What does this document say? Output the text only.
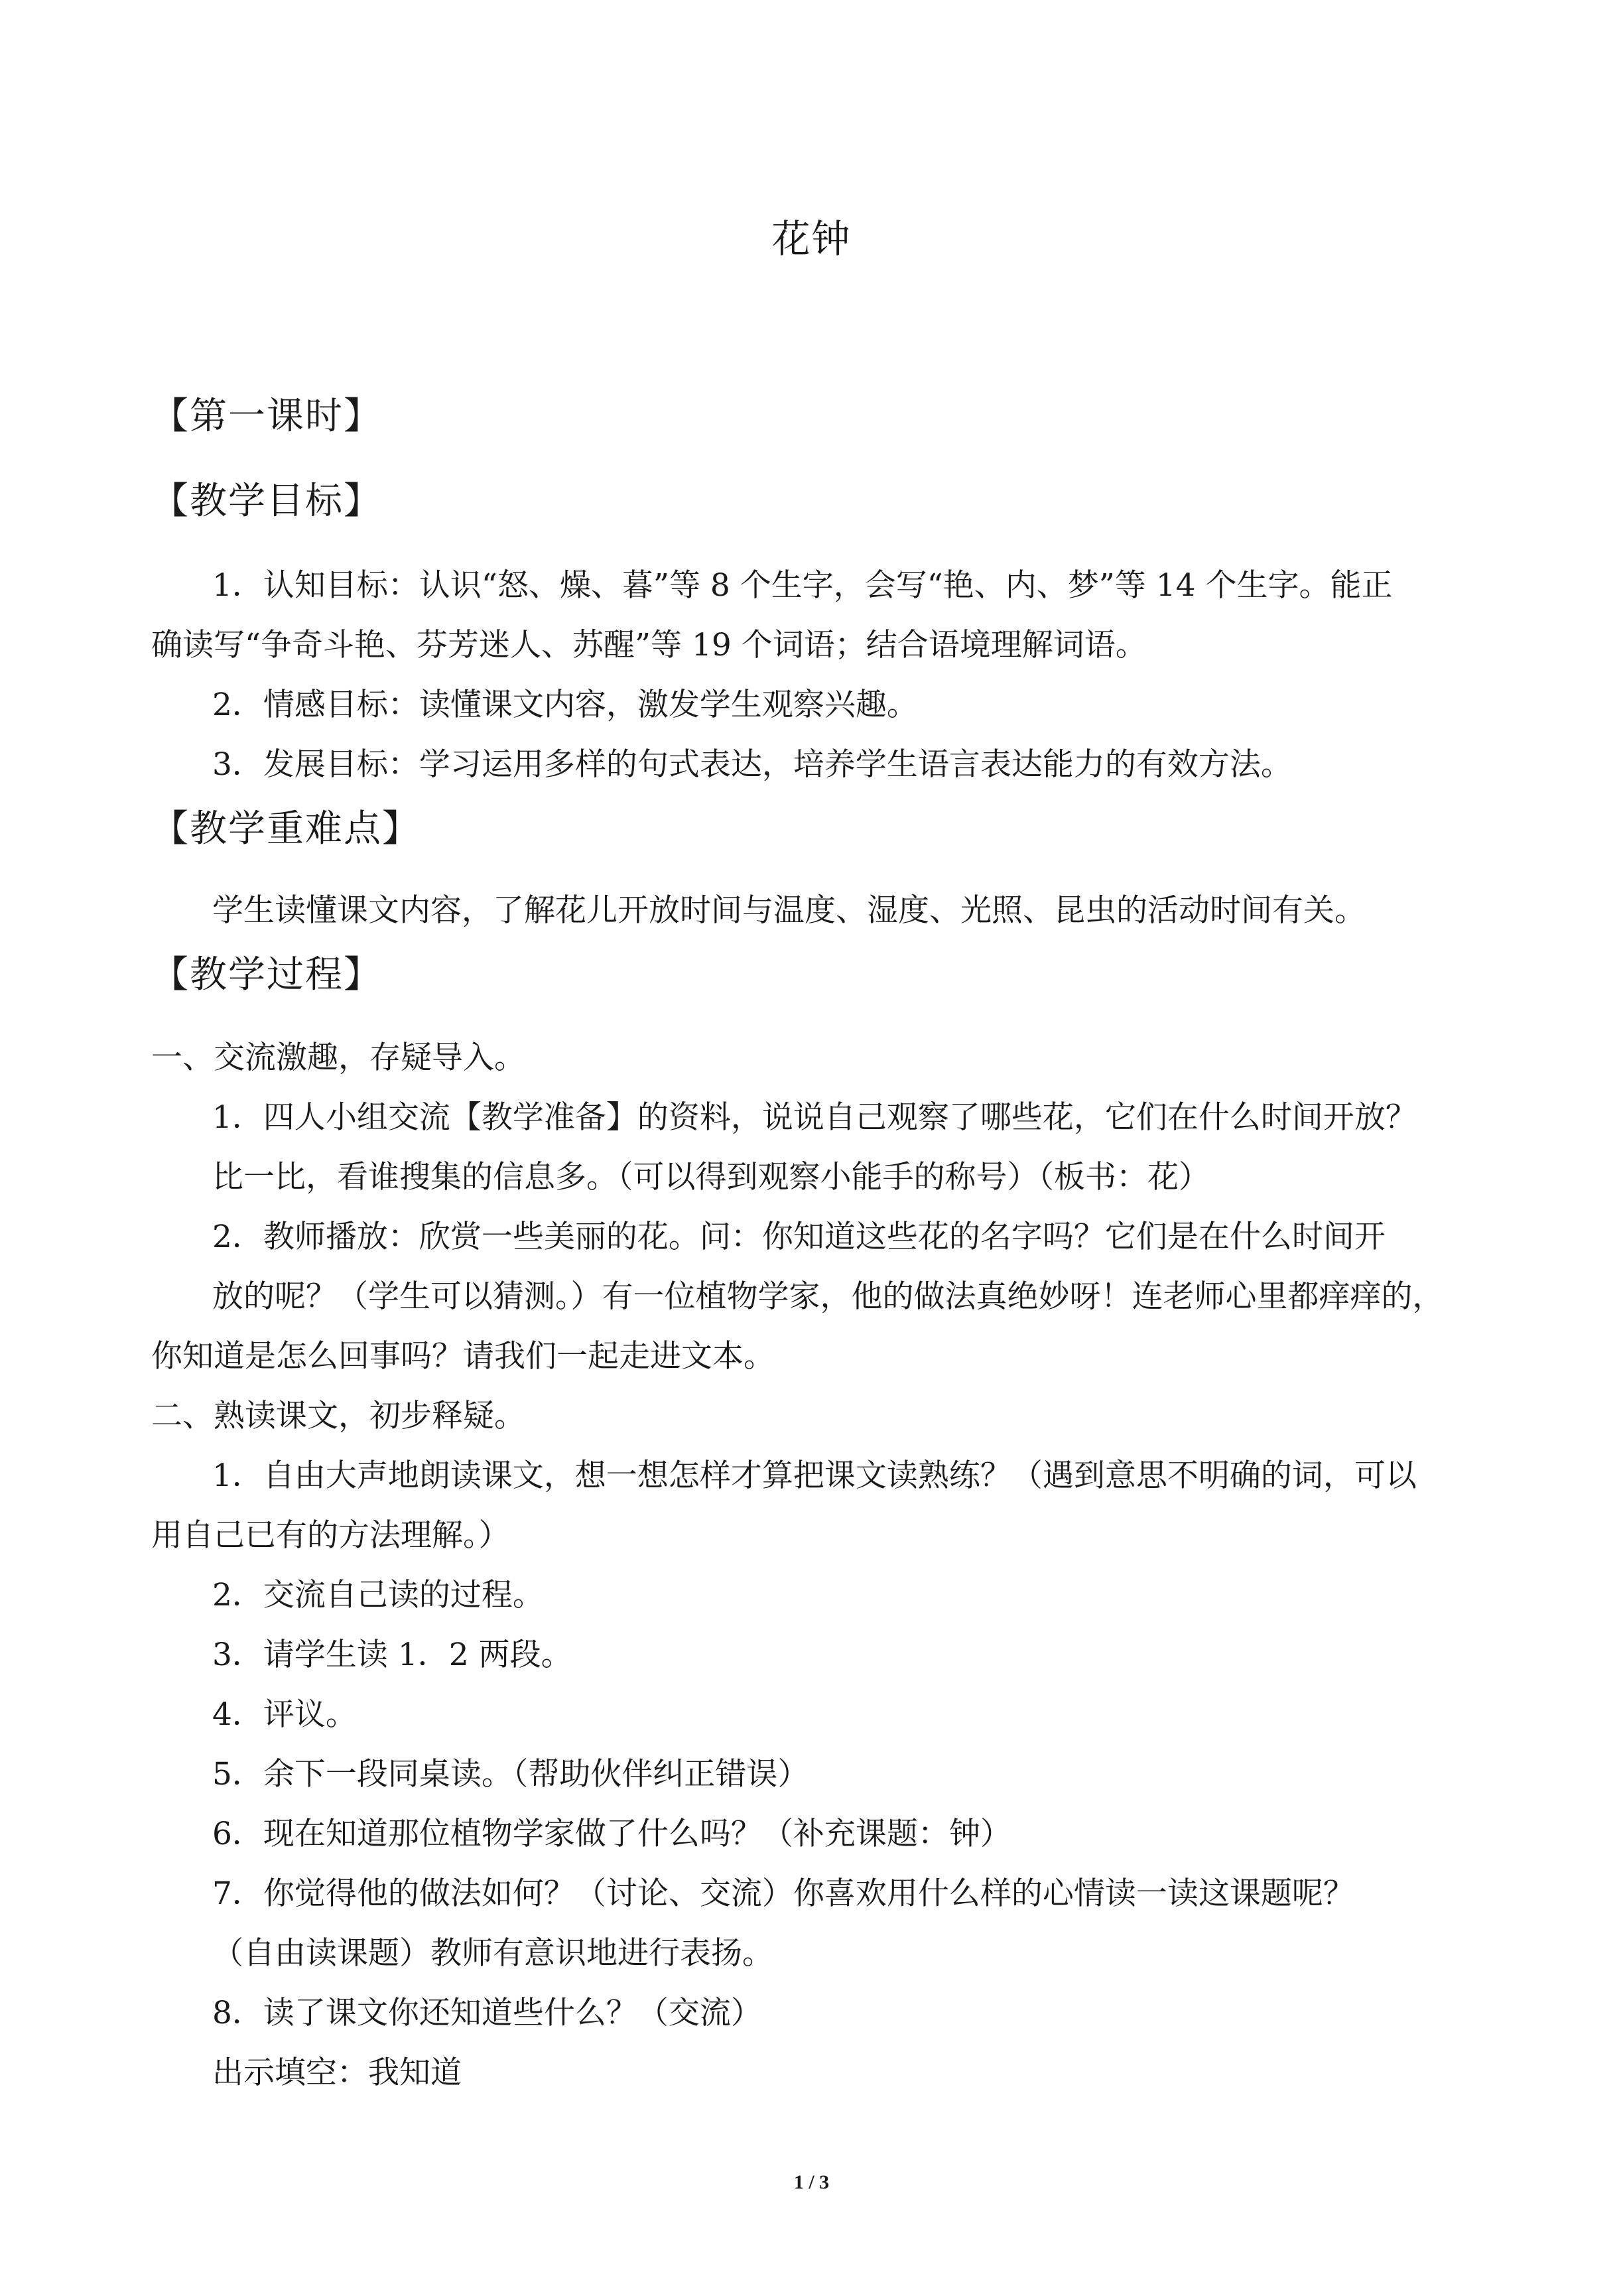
花钟
【第一课时】
【教学目标】
1．认知目标：认识“怒、燥、暮”等 8 个生字，会写“艳、内、梦”等 14 个生字。能正
确读写“争奇斗艳、芬芳迷人、苏醒”等 19 个词语；结合语境理解词语。
2．情感目标：读懂课文内容，激发学生观察兴趣。
3．发展目标：学习运用多样的句式表达，培养学生语言表达能力的有效方法。
【教学重难点】
学生读懂课文内容，了解花儿开放时间与温度、湿度、光照、昆虫的活动时间有关。
【教学过程】
一、交流激趣，存疑导入。
1．四人小组交流【教学准备】的资料，说说自己观察了哪些花，它们在什么时间开放？
比一比，看谁搜集的信息多。（可以得到观察小能手的称号）（板书：花）
2．教师播放：欣赏一些美丽的花。问：你知道这些花的名字吗？它们是在什么时间开
放的呢？（学生可以猜测。）有一位植物学家，他的做法真绝妙呀！连老师心里都痒痒的，
你知道是怎么回事吗？请我们一起走进文本。
二、熟读课文，初步释疑。
1．自由大声地朗读课文，想一想怎样才算把课文读熟练？（遇到意思不明确的词，可以
用自己已有的方法理解。）
2．交流自己读的过程。
3．请学生读 1．2 两段。
4．评议。
5．余下一段同桌读。（帮助伙伴纠正错误）
6．现在知道那位植物学家做了什么吗？（补充课题：钟）
7．你觉得他的做法如何？（讨论、交流）你喜欢用什么样的心情读一读这课题呢？
（自由读课题）教师有意识地进行表扬。
8．读了课文你还知道些什么？（交流）
出示填空：我知道
1 / 3
